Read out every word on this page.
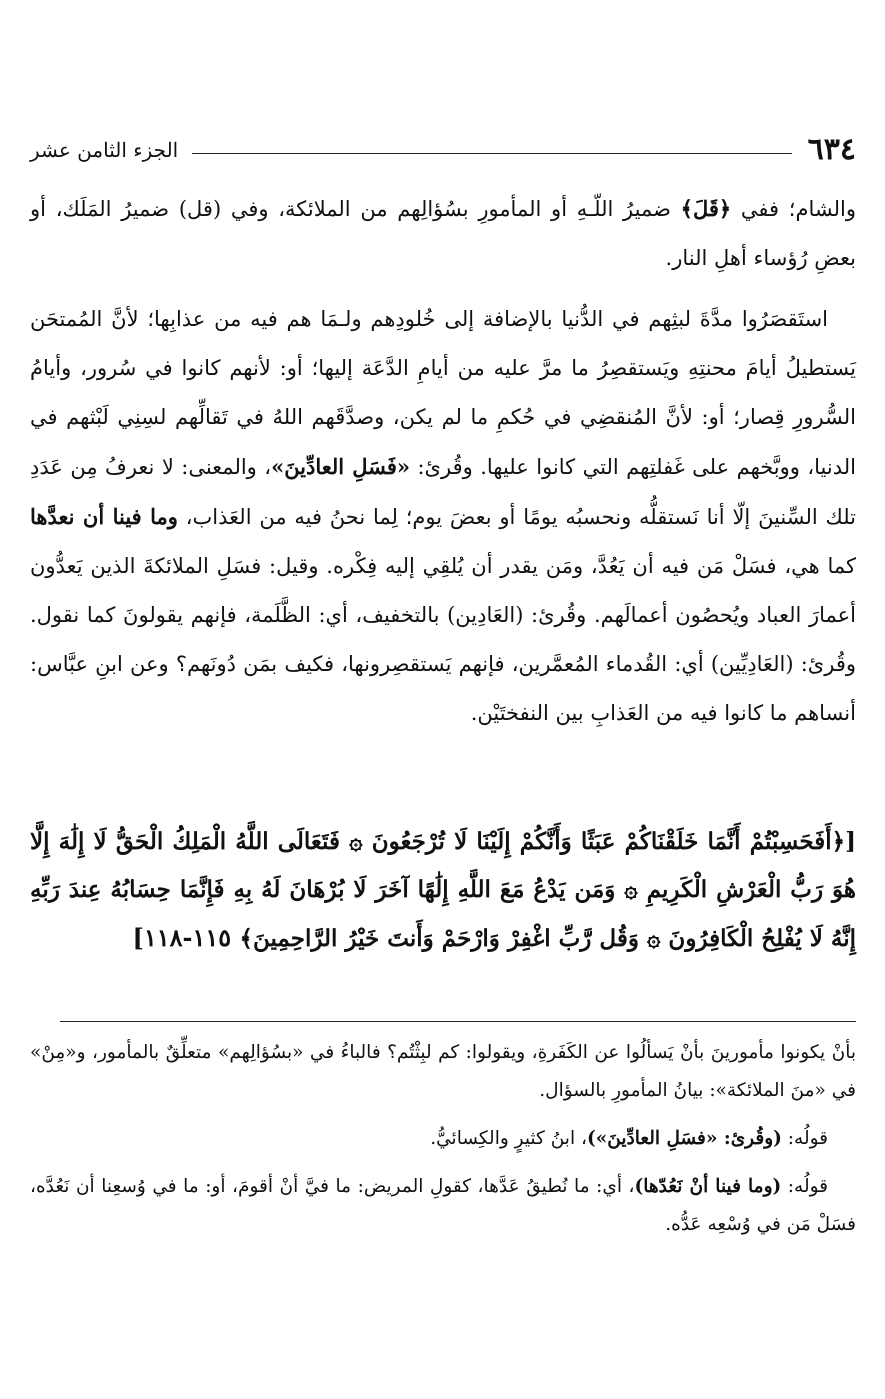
٦٣٤
الجزء الثامن عشر

والشام؛ ففي ﴿قَلَ﴾ ضميرُ اللّـهِ أو المأمورِ بسُؤالِهم من الملائكة، وفي (قل) ضميرُ المَلَك، أو بعضِ رُؤساء أهلِ النار.

استَقصَرُوا مدَّةَ لبثِهم في الدُّنيا بالإضافة إلى خُلودِهم ولـمَا هم فيه من عذابِها؛ لأنَّ المُمتحَن يَستطيلُ أيامَ محنتِهِ ويَستقصِرُ ما مرَّ عليه من أيامِ الدَّعَة إليها؛ أو: لأنهم كانوا في سُرور، وأيامُ السُّرورِ قِصار؛ أو: لأنَّ المُنقضِي في حُكمِ ما لم يكن، وصدَّقَهم اللهُ في تَقالِّهم لسِنِي لَبْثهم في الدنيا، ووبَّخهم على غَفلتِهم التي كانوا عليها. وقُرئ: «فَسَلِ العادِّينَ»، والمعنى: لا نعرفُ مِن عَدَدِ تلك السِّنينَ إلّا أنا نَستقلُّه ونحسبُه يومًا أو بعضَ يوم؛ لِما نحنُ فيه من العَذاب، وما فينا أن نعدَّها كما هي، فسَلْ مَن فيه أن يَعُدَّ، ومَن يقدر أن يُلقِي إليه فِكْره. وقيل: فسَلِ الملائكةَ الذين يَعدُّون أعمارَ العباد ويُحصُون أعمالَهم. وقُرئ: (العَادِين) بالتخفيف، أي: الظَّلَمة، فإنهم يقولونَ كما نقول. وقُرئ: (العَادِيِّين) أي: القُدماء المُعمَّرين، فإنهم يَستقصِرونها، فكيف بمَن دُونَهم؟ وعن ابنِ عبَّاس: أنساهم ما كانوا فيه من العَذابِ بين النفختَيْن.

[﴿أَفَحَسِبْتُمْ أَنَّمَا خَلَقْنَاكُمْ عَبَثًا وَأَنَّكُمْ إِلَيْنَا لَا تُرْجَعُونَ ۞ فَتَعَالَى اللَّهُ الْمَلِكُ الْحَقُّ لَا إِلَٰهَ إِلَّا هُوَ رَبُّ الْعَرْشِ الْكَرِيمِ ۞ وَمَن يَدْعُ مَعَ اللَّهِ إِلَٰهًا آخَرَ لَا بُرْهَانَ لَهُ بِهِ فَإِنَّمَا حِسَابُهُ عِندَ رَبِّهِ إِنَّهُ لَا يُفْلِحُ الْكَافِرُونَ ۞ وَقُل رَّبِّ اغْفِرْ وَارْحَمْ وَأَنتَ خَيْرُ الرَّاحِمِينَ﴾ ١١٥-١١٨]

بأنْ يكونوا مأمورينَ بأنْ يَسألُوا عن الكَفَرةِ، ويقولوا: كم لبِثْتُم؟ فالباءُ في «بسُؤالِهم» متعلِّقٌ بالمأمور، و«مِنْ» في «منَ الملائكة»: بيانُ المأمورِ بالسؤال.

قولُه: (وقُرئ: «فسَلِ العادِّينَ»)، ابنُ كثيرٍ والكِسائيُّ.

قولُه: (وما فينا أنْ نَعُدّها)، أي: ما نُطيقُ عَدَّها، كقولِ المريض: ما فيَّ أنْ أقومَ، أو: ما في وُسعِنا أن نَعُدَّه، فسَلْ مَن في وُسْعِه عَدُّه.
